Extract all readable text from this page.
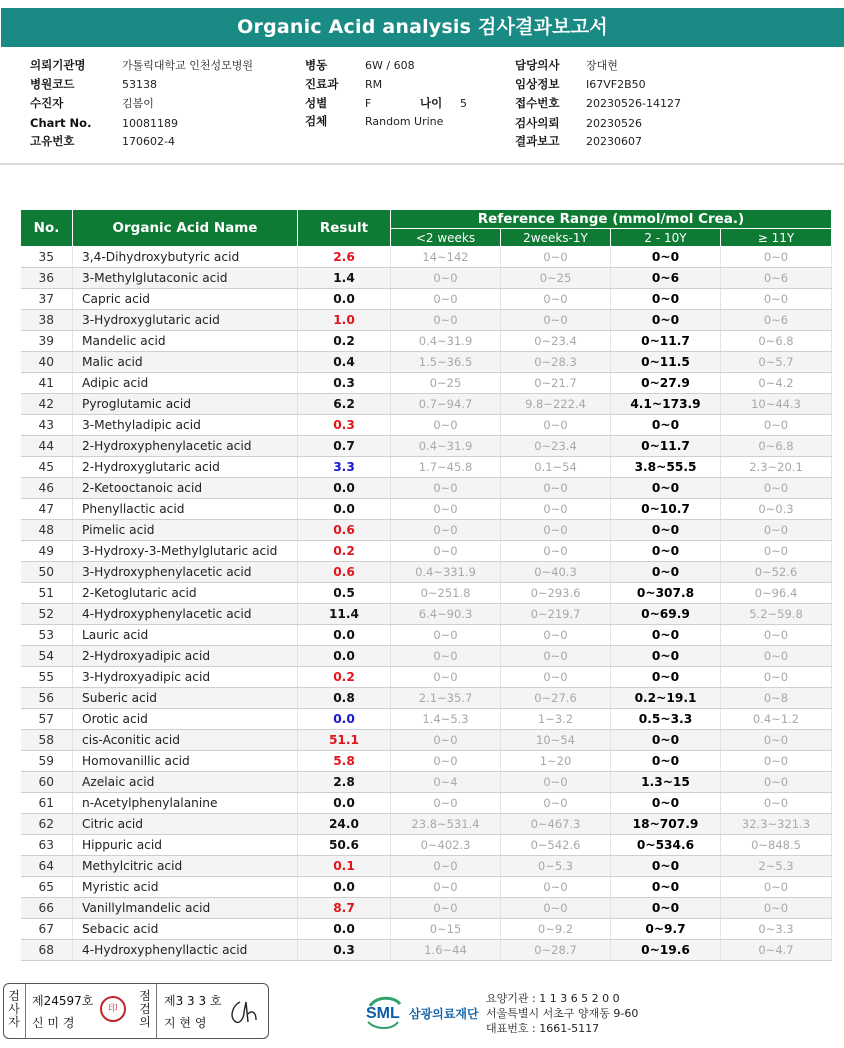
Organic Acid analysis 검사결과보고서
의뢰기관명	가톨릭대학교 인천성모병원
병원코드	53138
수진자	김봄이
Chart No.	10081189
고유번호	170602-4
병동	6W / 608
진료과 RM
성별	F	나이 5
검체	Random Urine
담당의사 장대현
임상정보 I67VF2B50
접수번호 20230526-14127
검사의뢰 20230526
결과보고 20230607
No.	Organic Acid Name	Result	Reference Range (mmol/mol Crea.)			
			<2 weeks	2weeks-1Y	2 - 10Y	≥ 11Y
35	3,4-Dihydroxybutyric acid	2.6	14~142	0~0	0~0	0~0
36	3-Methylglutaconic acid	1.4	0~0	0~25	0~6	0~6
37	Capric acid	0.0	0~0	0~0	0~0	0~0
38	3-Hydroxyglutaric acid	1.0	0~0	0~0	0~0	0~6
39	Mandelic acid	0.2	0.4~31.9	0~23.4	0~11.7	0~6.8
40	Malic acid	0.4	1.5~36.5	0~28.3	0~11.5	0~5.7
41	Adipic acid	0.3	0~25	0~21.7	0~27.9	0~4.2
42	Pyroglutamic acid	6.2	0.7~94.7	9.8~222.4	4.1~173.9	10~44.3
43	3-Methyladipic acid	0.3	0~0	0~0	0~0	0~0
44	2-Hydroxyphenylacetic acid	0.7	0.4~31.9	0~23.4	0~11.7	0~6.8
45	2-Hydroxyglutaric acid	3.3	1.7~45.8	0.1~54	3.8~55.5	2.3~20.1
46	2-Ketooctanoic acid	0.0	0~0	0~0	0~0	0~0
47	Phenyllactic acid	0.0	0~0	0~0	0~10.7	0~0.3
48	Pimelic acid	0.6	0~0	0~0	0~0	0~0
49	3-Hydroxy-3-Methylglutaric acid	0.2	0~0	0~0	0~0	0~0
50	3-Hydroxyphenylacetic acid	0.6	0.4~331.9	0~40.3	0~0	0~52.6
51	2-Ketoglutaric acid	0.5	0~251.8	0~293.6	0~307.8	0~96.4
52	4-Hydroxyphenylacetic acid	11.4	6.4~90.3	0~219.7	0~69.9	5.2~59.8
53	Lauric acid	0.0	0~0	0~0	0~0	0~0
54	2-Hydroxyadipic acid	0.0	0~0	0~0	0~0	0~0
55	3-Hydroxyadipic acid	0.2	0~0	0~0	0~0	0~0
56	Suberic acid	0.8	2.1~35.7	0~27.6	0.2~19.1	0~8
57	Orotic acid	0.0	1.4~5.3	1~3.2	0.5~3.3	0.4~1.2
58	cis-Aconitic acid	51.1	0~0	10~54	0~0	0~0
59	Homovanillic acid	5.8	0~0	1~20	0~0	0~0
60	Azelaic acid	2.8	0~4	0~0	1.3~15	0~0
61	n-Acetylphenylalanine	0.0	0~0	0~0	0~0	0~0
62	Citric acid	24.0	23.8~531.4	0~467.3	18~707.9	32.3~321.3
63	Hippuric acid	50.6	0~402.3	0~542.6	0~534.6	0~848.5
64	Methylcitric acid	0.1	0~0	0~5.3	0~0	2~5.3
65	Myristic acid	0.0	0~0	0~0	0~0	0~0
66	Vanillylmandelic acid	8.7	0~0	0~0	0~0	0~0
67	Sebacic acid	0.0	0~15	0~9.2	0~9.7	0~3.3
68	4-Hydroxyphenyllactic acid	0.3	1.6~44	0~28.7	0~19.6	0~4.7
검사자
제24597호
신 미 경
印
점검의
제3 3 3 호
지 현 영
SML 삼광의료재단
요양기관 : 1 1 3 6 5 2 0 0
서울특별시 서초구 양재동 9-60
대표번호 : 1661-5117
